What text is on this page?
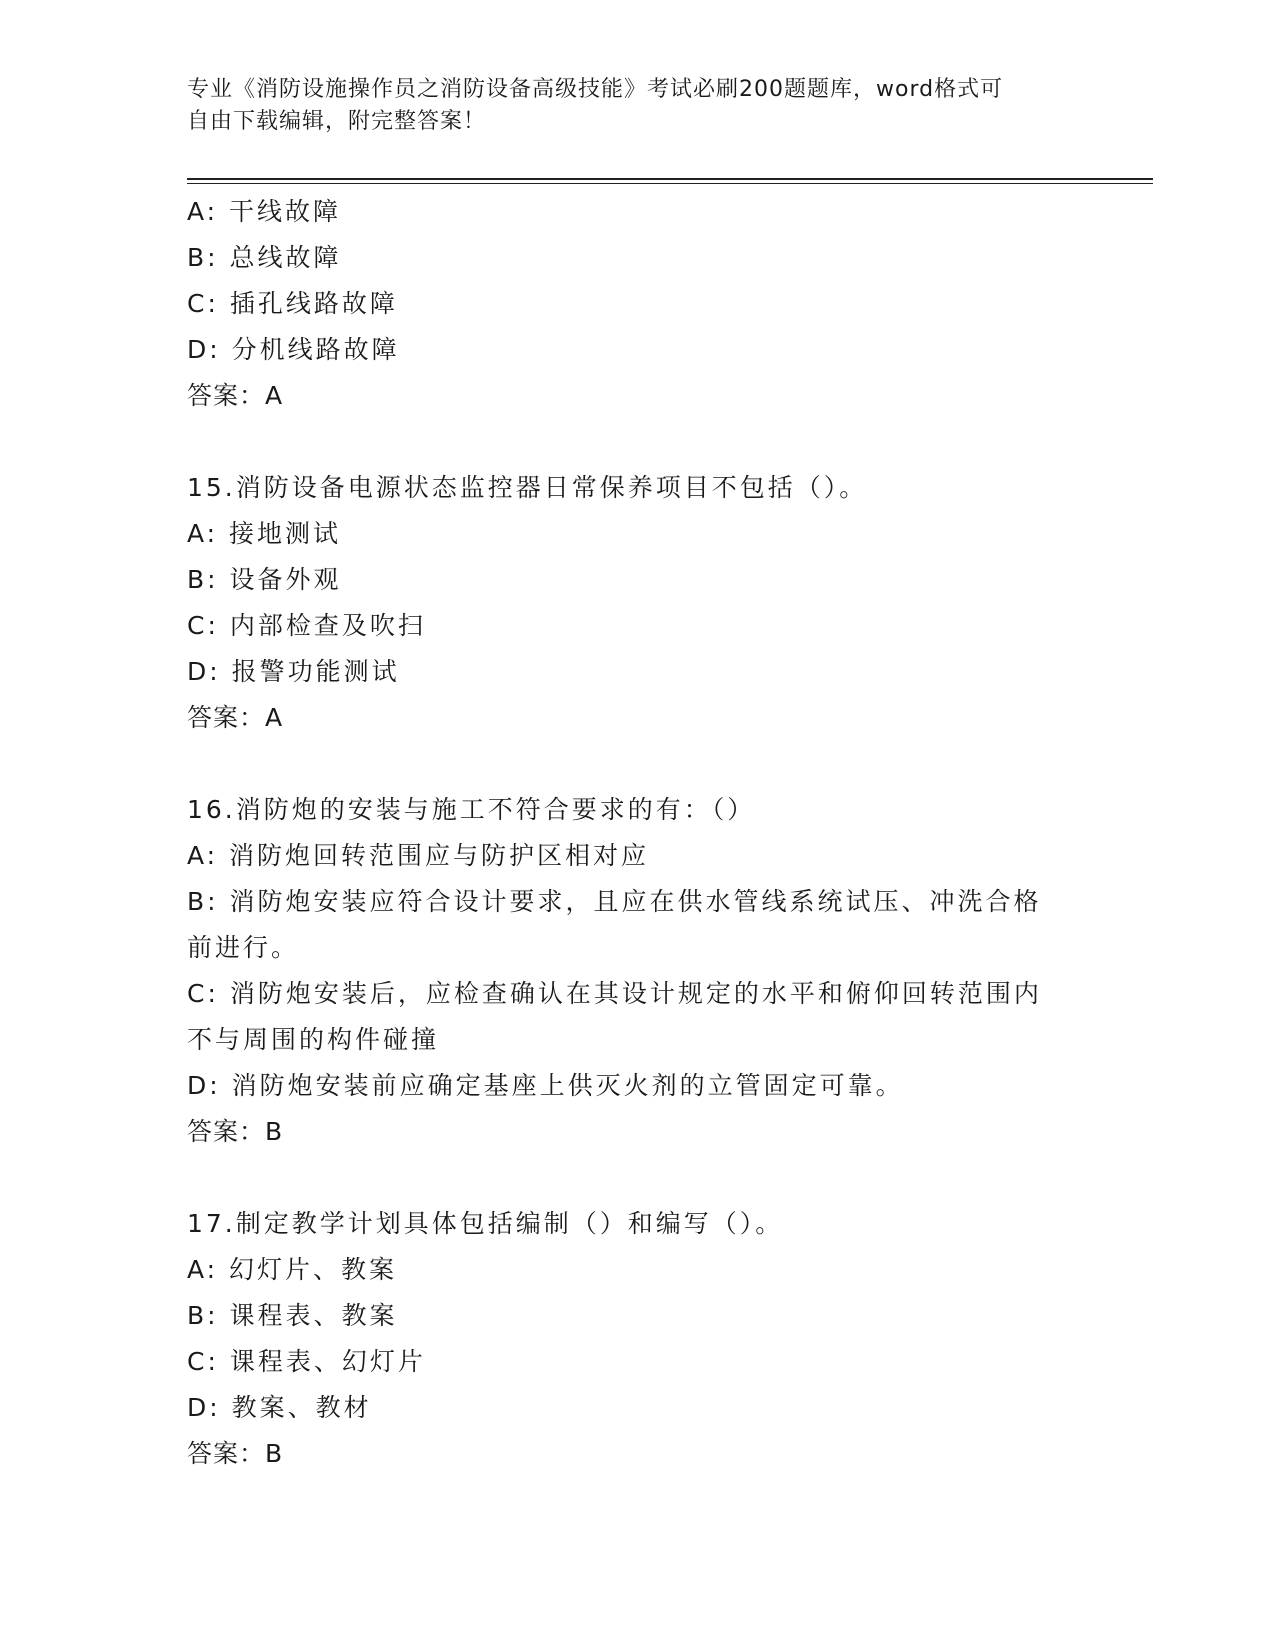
专业《消防设施操作员之消防设备高级技能》考试必刷200题题库，word格式可
自由下载编辑，附完整答案！
A: 干线故障
B: 总线故障
C: 插孔线路故障
D: 分机线路故障
答案：A
15.消防设备电源状态监控器日常保养项目不包括（）。
A: 接地测试
B: 设备外观
C: 内部检查及吹扫
D: 报警功能测试
答案：A
16.消防炮的安装与施工不符合要求的有：（）
A: 消防炮回转范围应与防护区相对应
B: 消防炮安装应符合设计要求，且应在供水管线系统试压、冲洗合格
前进行。
C: 消防炮安装后，应检查确认在其设计规定的水平和俯仰回转范围内
不与周围的构件碰撞
D: 消防炮安装前应确定基座上供灭火剂的立管固定可靠。
答案：B
17.制定教学计划具体包括编制（）和编写（）。
A: 幻灯片、教案
B: 课程表、教案
C: 课程表、幻灯片
D: 教案、教材
答案：B
